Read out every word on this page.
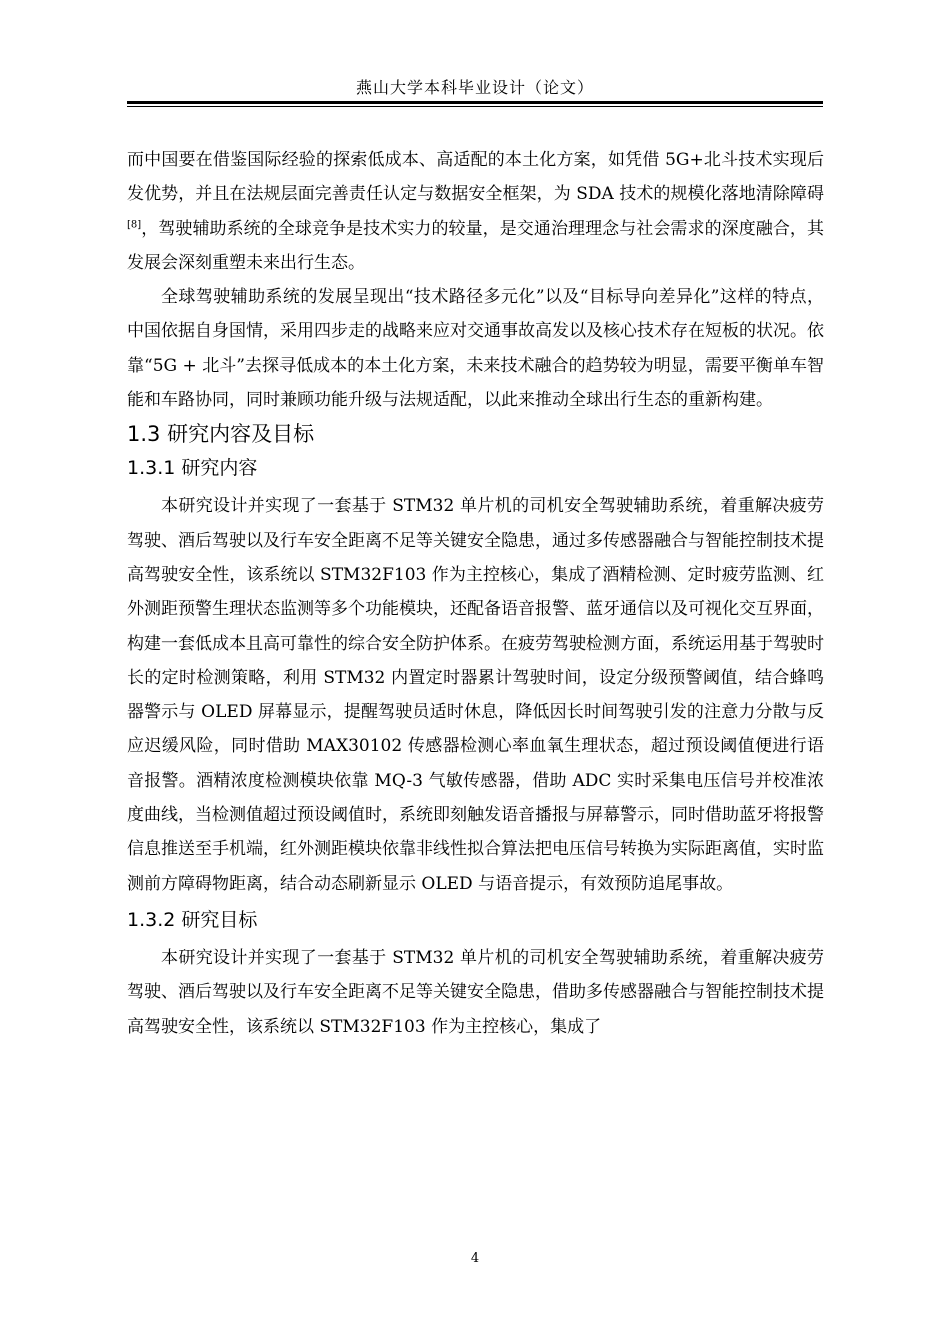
燕山大学本科毕业设计（论文）

而中国要在借鉴国际经验的探索低成本、高适配的本土化方案，如凭借 5G+北斗技术实现后发优势，并且在法规层面完善责任认定与数据安全框架，为 SDA 技术的规模化落地清除障碍[8]，驾驶辅助系统的全球竞争是技术实力的较量，是交通治理理念与社会需求的深度融合，其发展会深刻重塑未来出行生态。

全球驾驶辅助系统的发展呈现出“技术路径多元化”以及“目标导向差异化”这样的特点，中国依据自身国情，采用四步走的战略来应对交通事故高发以及核心技术存在短板的状况。依靠“5G + 北斗”去探寻低成本的本土化方案，未来技术融合的趋势较为明显，需要平衡单车智能和车路协同，同时兼顾功能升级与法规适配，以此来推动全球出行生态的重新构建。

1.3 研究内容及目标
1.3.1 研究内容

本研究设计并实现了一套基于 STM32 单片机的司机安全驾驶辅助系统，着重解决疲劳驾驶、酒后驾驶以及行车安全距离不足等关键安全隐患，通过多传感器融合与智能控制技术提高驾驶安全性，该系统以 STM32F103 作为主控核心，集成了酒精检测、定时疲劳监测、红外测距预警生理状态监测等多个功能模块，还配备语音报警、蓝牙通信以及可视化交互界面，构建一套低成本且高可靠性的综合安全防护体系。在疲劳驾驶检测方面，系统运用基于驾驶时长的定时检测策略，利用 STM32 内置定时器累计驾驶时间，设定分级预警阈值，结合蜂鸣器警示与 OLED 屏幕显示，提醒驾驶员适时休息，降低因长时间驾驶引发的注意力分散与反应迟缓风险，同时借助 MAX30102 传感器检测心率血氧生理状态，超过预设阈值便进行语音报警。酒精浓度检测模块依靠 MQ-3 气敏传感器，借助 ADC 实时采集电压信号并校准浓度曲线，当检测值超过预设阈值时，系统即刻触发语音播报与屏幕警示，同时借助蓝牙将报警信息推送至手机端，红外测距模块依靠非线性拟合算法把电压信号转换为实际距离值，实时监测前方障碍物距离，结合动态刷新显示 OLED 与语音提示，有效预防追尾事故。

1.3.2 研究目标

本研究设计并实现了一套基于 STM32 单片机的司机安全驾驶辅助系统，着重解决疲劳驾驶、酒后驾驶以及行车安全距离不足等关键安全隐患，借助多传感器融合与智能控制技术提高驾驶安全性，该系统以 STM32F103 作为主控核心，集成了

4
